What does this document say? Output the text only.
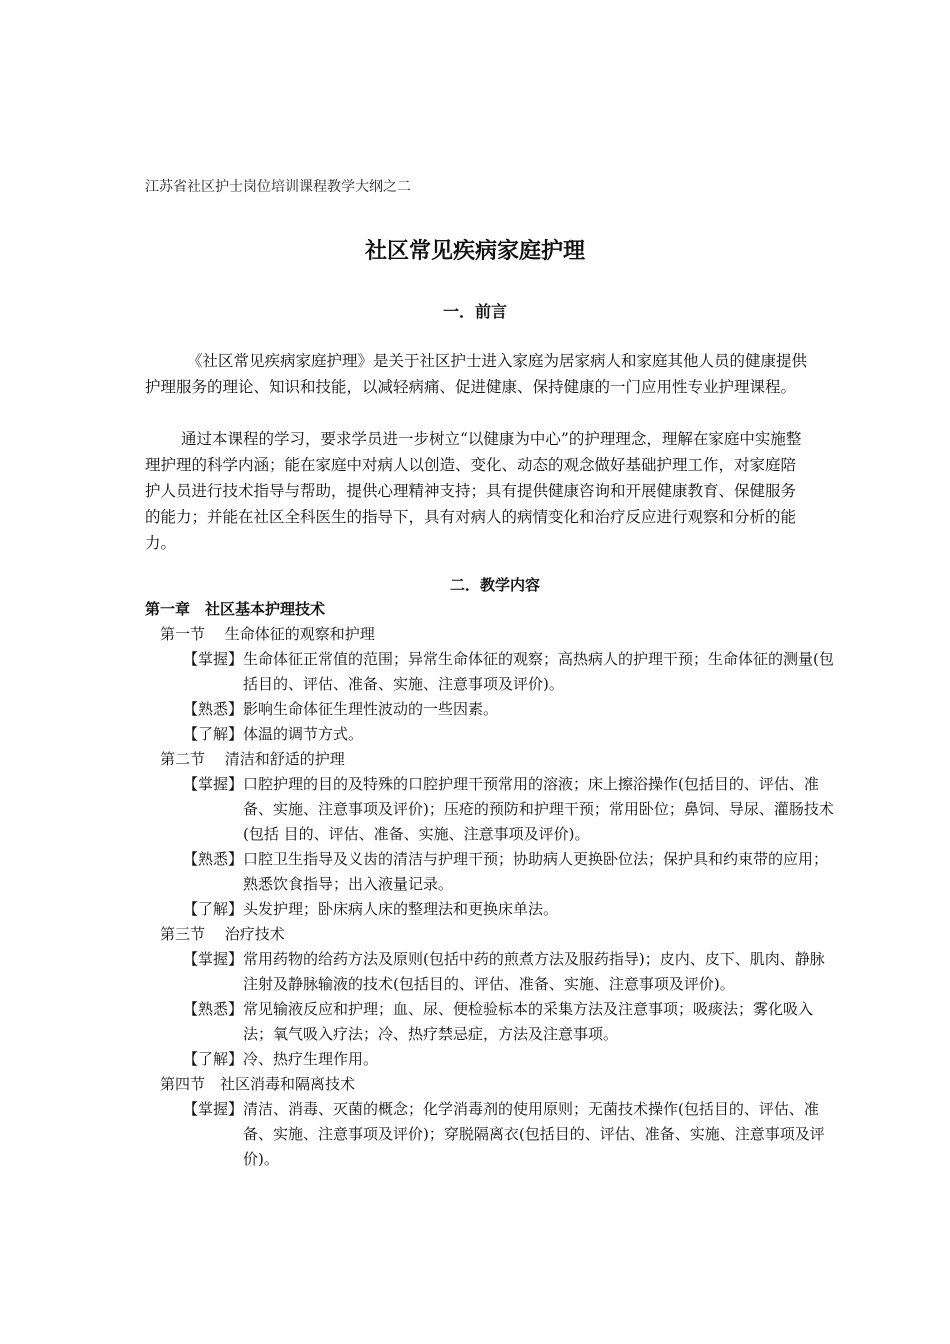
江苏省社区护士岗位培训课程教学大纲之二
社区常见疾病家庭护理
一．前言

《社区常见疾病家庭护理》是关于社区护士进入家庭为居家病人和家庭其他人员的健康提供护理服务的理论、知识和技能，以减轻病痛、促进健康、保持健康的一门应用性专业护理课程。

通过本课程的学习，要求学员进一步树立“以健康为中心”的护理理念，理解在家庭中实施整理护理的科学内涵；能在家庭中对病人以创造、变化、动态的观念做好基础护理工作，对家庭陪护人员进行技术指导与帮助，提供心理精神支持；具有提供健康咨询和开展健康教育、保健服务的能力；并能在社区全科医生的指导下，具有对病人的病情变化和治疗反应进行观察和分析的能力。

二．教学内容
第一章　社区基本护理技术
第一节　 生命体征的观察和护理
【掌握】 生命体征正常值的范围；异常生命体征的观察；高热病人的护理干预；生命体征的测量(包括目的、评估、准备、实施、注意事项及评价)。
【熟悉】 影响生命体征生理性波动的一些因素。
【了解】 体温的调节方式。
第二节　 清洁和舒适的护理
【掌握】 口腔护理的目的及特殊的口腔护理干预常用的溶液；床上擦浴操作(包括目的、评估、准备、实施、注意事项及评价)；压疮的预防和护理干预；常用卧位；鼻饲、导尿、灌肠技术(包括 目的、评估、准备、实施、注意事项及评价)。
【熟悉】 口腔卫生指导及义齿的清洁与护理干预；协助病人更换卧位法；保护具和约束带的应用；熟悉饮食指导；出入液量记录。
【了解】 头发护理；卧床病人床的整理法和更换床单法。
第三节　 治疗技术
【掌握】 常用药物的给药方法及原则(包括中药的煎煮方法及服药指导)；皮内、皮下、肌肉、静脉注射及静脉输液的技术(包括目的、评估、准备、实施、注意事项及评价)。
【熟悉】 常见输液反应和护理；血、尿、便检验标本的采集方法及注意事项；吸痰法；雾化吸入法；氧气吸入疗法；冷、热疗禁忌症，方法及注意事项。
【了解】 冷、热疗生理作用。
第四节　社区消毒和隔离技术
【掌握】 清洁、消毒、灭菌的概念；化学消毒剂的使用原则；无菌技术操作(包括目的、评估、准备、实施、注意事项及评价)；穿脱隔离衣(包括目的、评估、准备、实施、注意事项及评价)。
